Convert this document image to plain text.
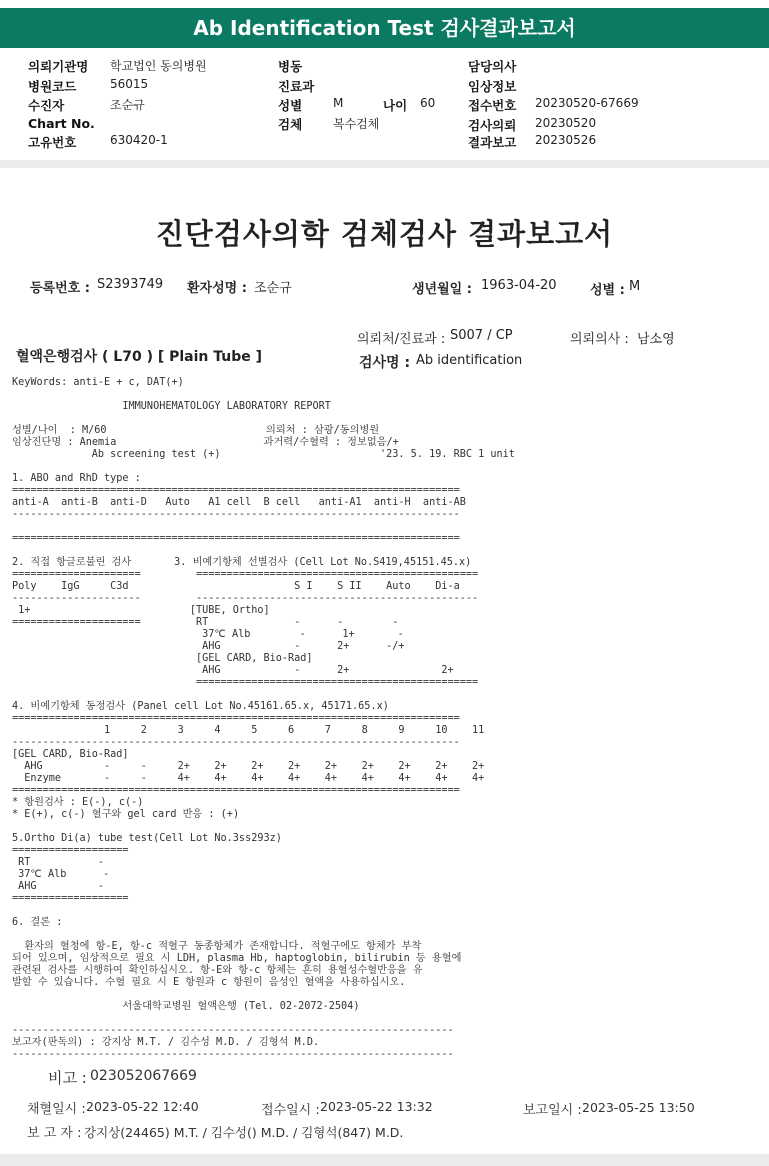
Ab Identification Test 검사결과보고서
의뢰기관명 학교법인 동의병원
병원코드	56015
수진자	조순규
Chart No.
고유번호	630420-1
병동
진료과
성별	M	나이 60
검체	복수검체
담당의사
임상정보
접수번호 20230520-67669
검사의뢰 20230520
결과보고 20230526
진단검사의학 검체검사 결과보고서
등록번호 : S2393749 환자성명 : 조순규	생년월일 : 1963-04-20	성별 : M
의뢰처/진료과 : S007 / CP	의뢰의사 : 남소영
혈액은행검사 ( L70 ) [ Plain Tube ]	검사명 : Ab identification
KeyWords: anti-E + c, DAT(+)

IMMUNOHEMATOLOGY LABORATORY REPORT

성별/나이  : M/60                          의뢰처 : 삼광/동의병원
임상진단명 : Anemia                        과거력/수혈력 : 정보없음/+
Ab screening test (+)                          '23. 5. 19. RBC 1 unit

1. ABO and RhD type :
=========================================================================
anti-A  anti-B  anti-D   Auto   A1 cell  B cell   anti-A1  anti-H  anti-AB
-------------------------------------------------------------------------

=========================================================================

2. 직접 항글로불린 검사       3. 비예기항체 선별검사 (Cell Lot No.S419,45151.45.x)
=====================         ==============================================
Poly    IgG     C3d                           S I    S II    Auto    Di-a
---------------------         ----------------------------------------------
1+                          [TUBE, Ortho]
=====================         RT              -      -        -
37℃ Alb        -      1+       -
AHG            -      2+      -/+
[GEL CARD, Bio-Rad]
AHG            -      2+               2+
==============================================

4. 비예기항체 동정검사 (Panel cell Lot No.45161.65.x, 45171.65.x)
=========================================================================
1     2     3     4     5     6     7     8     9     10    11
-------------------------------------------------------------------------
[GEL CARD, Bio-Rad]
AHG          -     -     2+    2+    2+    2+    2+    2+    2+    2+    2+
Enzyme       -     -     4+    4+    4+    4+    4+    4+    4+    4+    4+
=========================================================================
* 항원검사 : E(-), c(-)
* E(+), c(-) 혈구와 gel card 반응 : (+)

5.Ortho Di(a) tube test(Cell Lot No.3ss293z)
===================
RT           -
37℃ Alb      -
AHG          -
===================

6. 결론 :

환자의 혈청에 항-E, 항-c 적혈구 동종항체가 존재합니다. 적혈구에도 항체가 부착
되어 있으며, 임상적으로 필요 시 LDH, plasma Hb, haptoglobin, bilirubin 등 용혈에
관련된 검사를 시행하여 확인하십시오. 항-E와 항-c 항체는 흔히 용혈성수혈반응을 유
발할 수 있습니다. 수혈 필요 시 E 항원과 c 항원이 음성인 혈액을 사용하십시오.

서울대학교병원 혈액은행 (Tel. 02-2072-2504)

------------------------------------------------------------------------
보고자(판독의) : 강지상 M.T. / 김수성 M.D. / 김형석 M.D.
------------------------------------------------------------------------
비고 : 023052067669
채혈일시 : 2023-05-22 12:40	접수일시 : 2023-05-22 13:32	보고일시 : 2023-05-25 13:50
보 고 자 : 강지상(24465) M.T. / 김수성() M.D. / 김형석(847) M.D.
